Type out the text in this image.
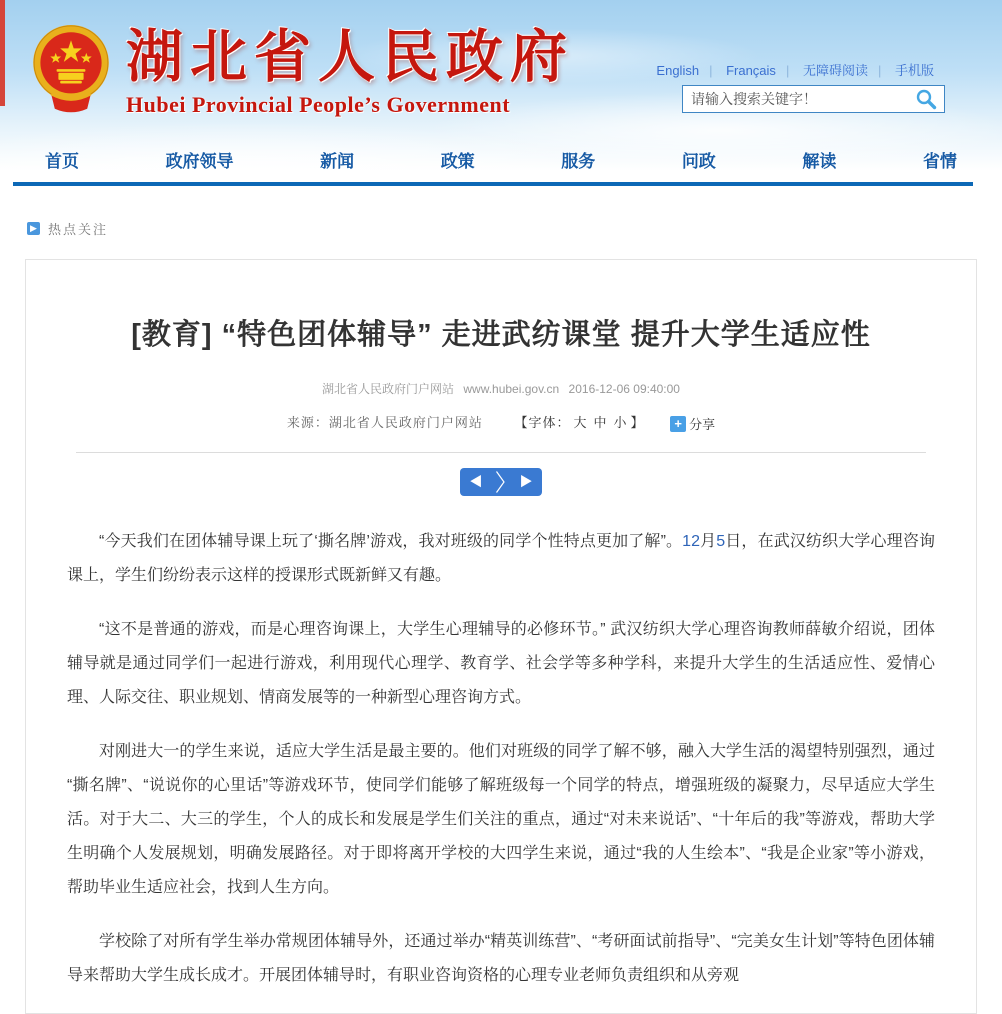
湖北省人民政府
Hubei Provincial People’s Government
English | Français | 无障碍阅读 | 手机版
请输入搜索关键字！
首页	政府领导	新闻	政策	服务	问政	解读	省情
▶ 热点关注
[教育] “特色团体辅导” 走进武纺课堂 提升大学生适应性
湖北省人民政府门户网站 www.hubei.gov.cn 2016-12-06 09:40:00
来源：湖北省人民政府门户网站 【字体： 大 中 小 】	+ 分享
◀	▶

“今天我们在团体辅导课上玩了‘撕名牌’游戏，我对班级的同学个性特点更加了解”。12月5日，在武汉纺织大学心理咨询课上，学生们纷纷表示这样的授课形式既新鲜又有趣。

“这不是普通的游戏，而是心理咨询课上，大学生心理辅导的必修环节。” 武汉纺织大学心理咨询教师薛敏介绍说，团体辅导就是通过同学们一起进行游戏，利用现代心理学、教育学、社会学等多种学科，来提升大学生的生活适应性、爱情心理、人际交往、职业规划、情商发展等的一种新型心理咨询方式。

对刚进大一的学生来说，适应大学生活是最主要的。他们对班级的同学了解不够，融入大学生活的渴望特别强烈，通过“撕名牌”、“说说你的心里话”等游戏环节，使同学们能够了解班级每一个同学的特点，增强班级的凝聚力，尽早适应大学生活。对于大二、大三的学生，个人的成长和发展是学生们关注的重点，通过“对未来说话”、“十年后的我”等游戏，帮助大学生明确个人发展规划，明确发展路径。对于即将离开学校的大四学生来说，通过“我的人生绘本”、“我是企业家”等小游戏，帮助毕业生适应社会，找到人生方向。

学校除了对所有学生举办常规团体辅导外，还通过举办“精英训练营”、“考研面试前指导”、“完美女生计划”等特色团体辅导来帮助大学生成长成才。开展团体辅导时，有职业咨询资格的心理专业老师负责组织和从旁观
